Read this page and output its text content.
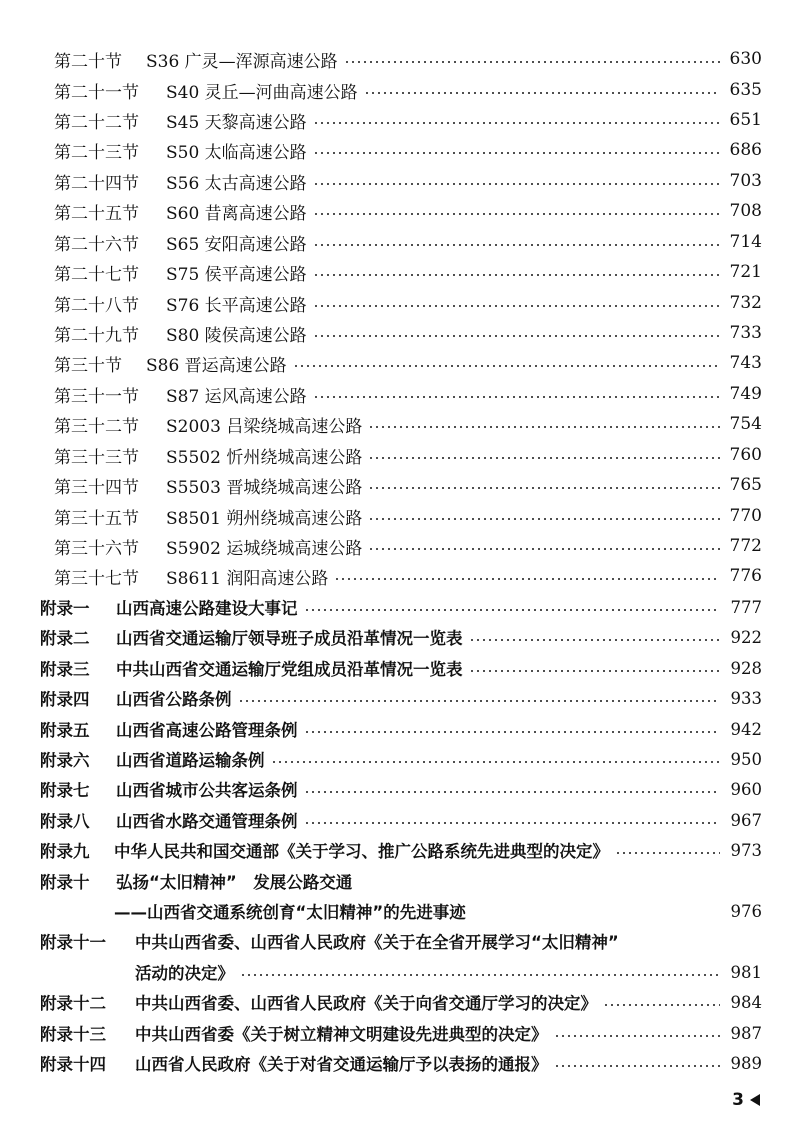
第二十节	S36 广灵—浑源高速公路	630
第二十一节	S40 灵丘—河曲高速公路	635
第二十二节	S45 天黎高速公路	651
第二十三节	S50 太临高速公路	686
第二十四节	S56 太古高速公路	703
第二十五节	S60 昔离高速公路	708
第二十六节	S65 安阳高速公路	714
第二十七节	S75 侯平高速公路	721
第二十八节	S76 长平高速公路	732
第二十九节	S80 陵侯高速公路	733
第三十节	S86 晋运高速公路	743
第三十一节	S87 运风高速公路	749
第三十二节	S2003 吕梁绕城高速公路	754
第三十三节	S5502 忻州绕城高速公路	760
第三十四节	S5503 晋城绕城高速公路	765
第三十五节	S8501 朔州绕城高速公路	770
第三十六节	S5902 运城绕城高速公路	772
第三十七节	S8611 润阳高速公路	776
附录一	山西高速公路建设大事记	777
附录二	山西省交通运输厅领导班子成员沿革情况一览表	922
附录三	中共山西省交通运输厅党组成员沿革情况一览表	928
附录四	山西省公路条例	933
附录五	山西省高速公路管理条例	942
附录六	山西省道路运输条例	950
附录七	山西省城市公共客运条例	960
附录八	山西省水路交通管理条例	967
附录九	中华人民共和国交通部《关于学习、推广公路系统先进典型的决定》	973
附录十	弘扬“太旧精神”　发展公路交通
——山西省交通系统创育“太旧精神”的先进事迹	976
附录十一	中共山西省委、山西省人民政府《关于在全省开展学习“太旧精神”
活动的决定》	981
附录十二	中共山西省委、山西省人民政府《关于向省交通厅学习的决定》	984
附录十三	中共山西省委《关于树立精神文明建设先进典型的决定》	987
附录十四	山西省人民政府《关于对省交通运输厅予以表扬的通报》	989
3
